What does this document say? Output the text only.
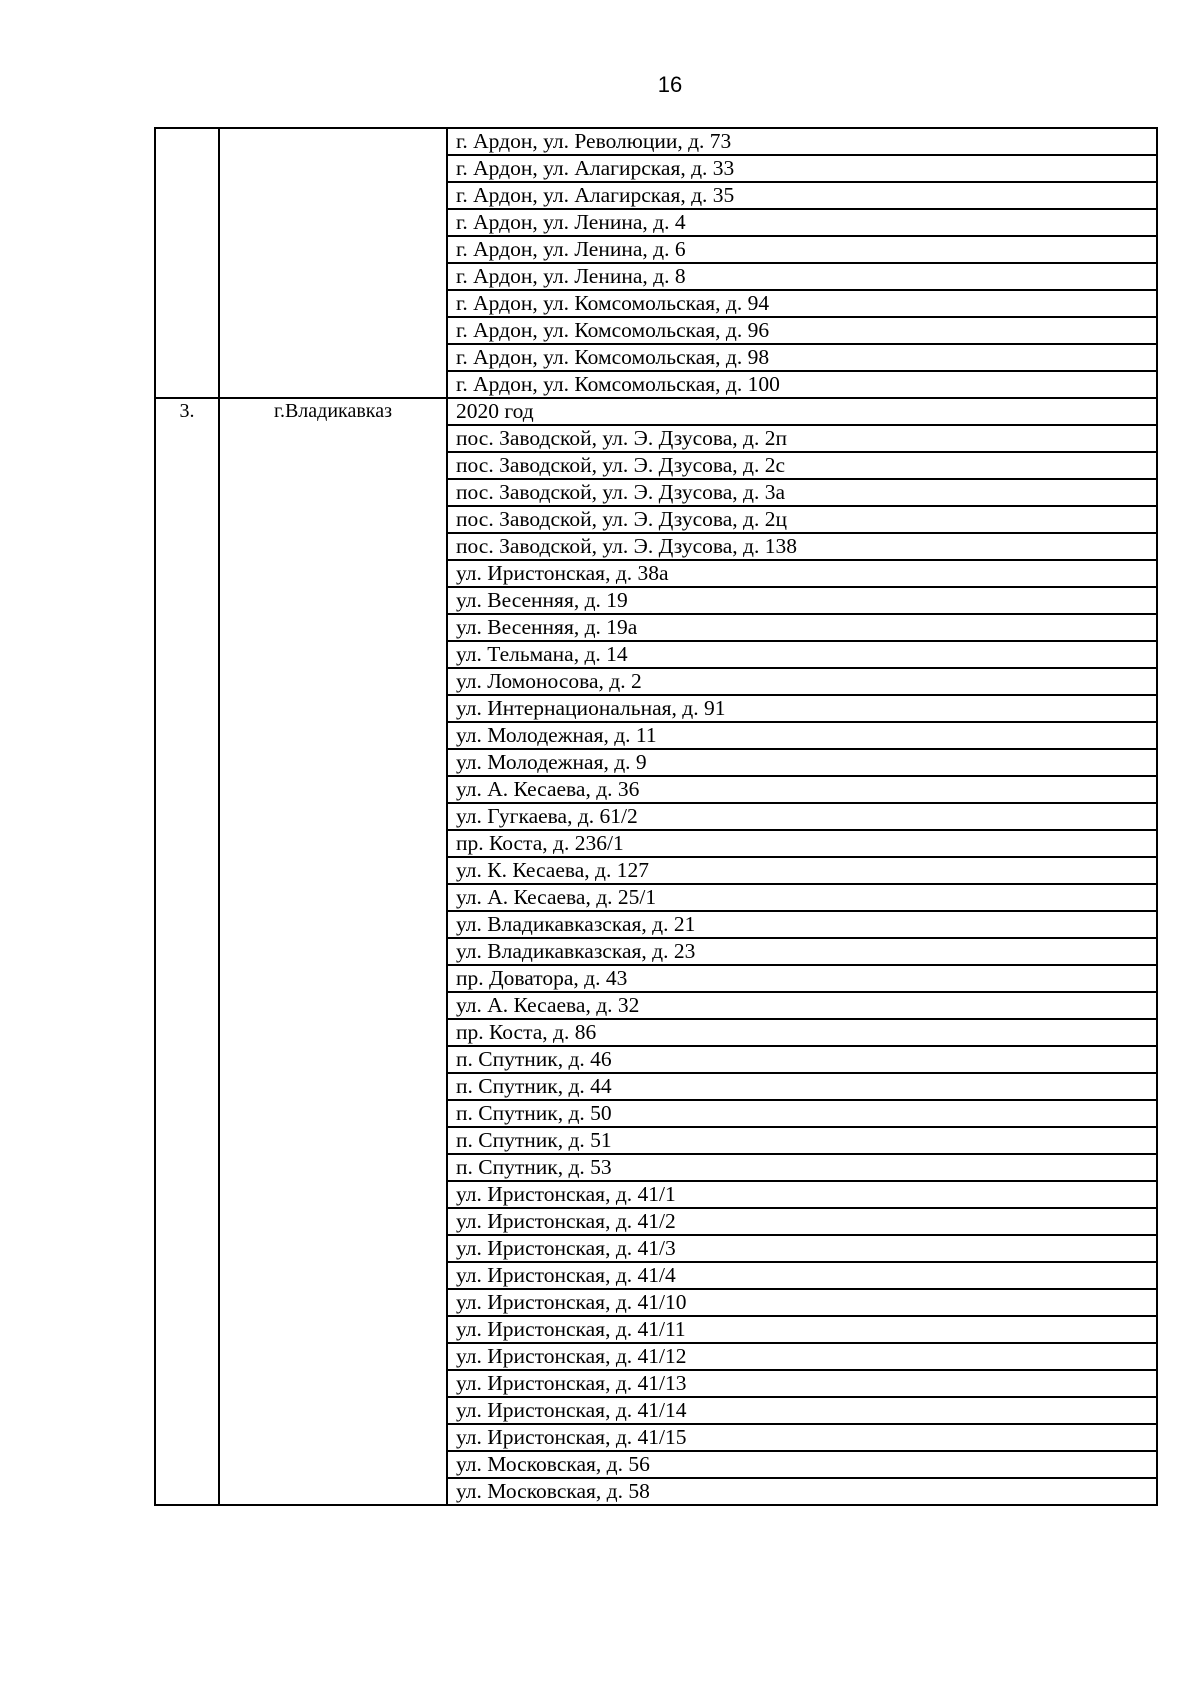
16
		г. Ардон, ул. Революции, д. 73
		г. Ардон, ул. Алагирская, д. 33
		г. Ардон, ул. Алагирская, д. 35
		г. Ардон, ул. Ленина, д. 4
		г. Ардон, ул. Ленина, д. 6
		г. Ардон, ул. Ленина, д. 8
		г. Ардон, ул. Комсомольская, д. 94
		г. Ардон, ул. Комсомольская, д. 96
		г. Ардон, ул. Комсомольская, д. 98
		г. Ардон, ул. Комсомольская, д. 100
3.	г.Владикавказ	2020 год
		пос. Заводской, ул. Э. Дзусова, д. 2п
		пос. Заводской, ул. Э. Дзусова, д. 2с
		пос. Заводской, ул. Э. Дзусова, д. 3а
		пос. Заводской, ул. Э. Дзусова, д. 2ц
		пос. Заводской, ул. Э. Дзусова, д. 138
		ул. Иристонская, д. 38а
		ул. Весенняя, д. 19
		ул. Весенняя, д. 19а
		ул. Тельмана, д. 14
		ул. Ломоносова, д. 2
		ул. Интернациональная, д. 91
		ул. Молодежная, д. 11
		ул. Молодежная, д. 9
		ул. А. Кесаева, д. 36
		ул. Гугкаева, д. 61/2
		пр. Коста, д. 236/1
		ул. К. Кесаева, д. 127
		ул. А. Кесаева, д. 25/1
		ул. Владикавказская, д. 21
		ул. Владикавказская, д. 23
		пр. Доватора, д. 43
		ул. А. Кесаева, д. 32
		пр. Коста, д. 86
		п. Спутник, д. 46
		п. Спутник, д. 44
		п. Спутник, д. 50
		п. Спутник, д. 51
		п. Спутник, д. 53
		ул. Иристонская, д. 41/1
		ул. Иристонская, д. 41/2
		ул. Иристонская, д. 41/3
		ул. Иристонская, д. 41/4
		ул. Иристонская, д. 41/10
		ул. Иристонская, д. 41/11
		ул. Иристонская, д. 41/12
		ул. Иристонская, д. 41/13
		ул. Иристонская, д. 41/14
		ул. Иристонская, д. 41/15
		ул. Московская, д. 56
		ул. Московская, д. 58
